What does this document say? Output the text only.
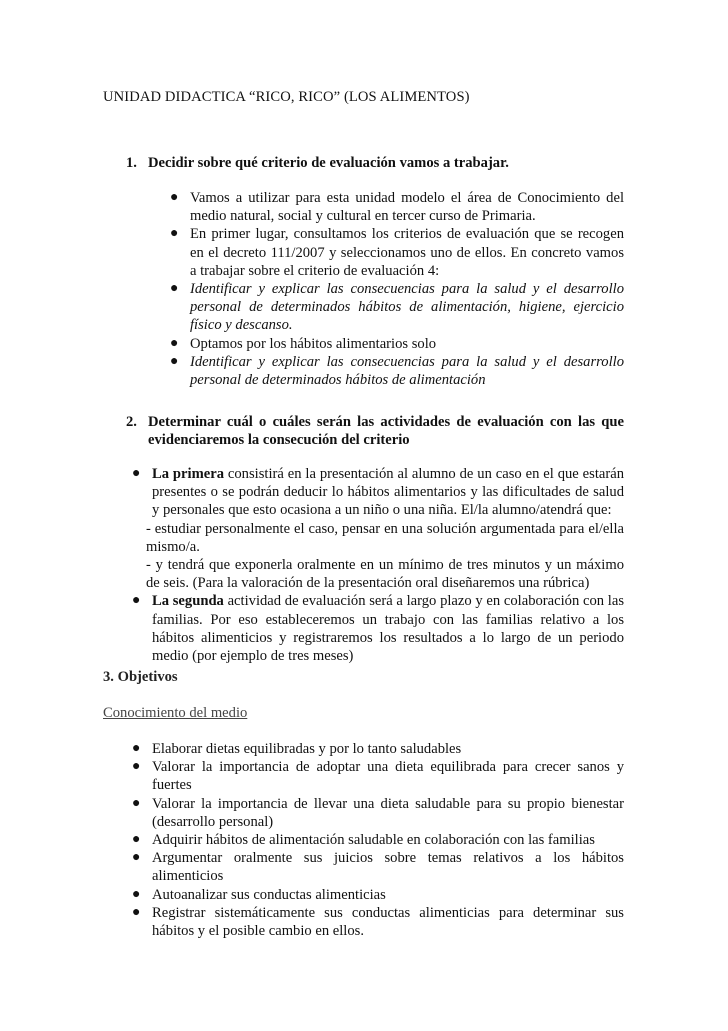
UNIDAD DIDACTICA “RICO, RICO” (LOS ALIMENTOS)
1. Decidir sobre qué criterio de evaluación vamos a trabajar.
● Vamos a utilizar para esta unidad modelo el área de Conocimiento del medio natural, social y cultural en tercer curso de Primaria.
● En primer lugar, consultamos los criterios de evaluación que se recogen en el decreto 111/2007 y seleccionamos uno de ellos. En concreto vamos a trabajar sobre el criterio de evaluación 4:
● Identificar y explicar las consecuencias para la salud y el desarrollo personal de determinados hábitos de alimentación, higiene, ejercicio físico y descanso.
● Optamos por los hábitos alimentarios solo
● Identificar y explicar las consecuencias para la salud y el desarrollo personal de determinados hábitos de alimentación
2. Determinar cuál o cuáles serán las actividades de evaluación con las que evidenciaremos la consecución del criterio
● La primera consistirá en la presentación al alumno de un caso en el que estarán presentes o se podrán deducir lo hábitos alimentarios y las dificultades de salud y personales que esto ocasiona a un niño o una niña. El/la alumno/atendrá que:

- estudiar personalmente el caso, pensar en una solución argumentada para el/ella mismo/a.

- y tendrá que exponerla oralmente en un mínimo de tres minutos y un máximo de seis. (Para la valoración de la presentación oral diseñaremos una rúbrica)

● La segunda actividad de evaluación será a largo plazo y en colaboración con las familias. Por eso estableceremos un trabajo con las familias relativo a los hábitos alimenticios y registraremos los resultados a lo largo de un periodo medio (por ejemplo de tres meses)
3. Objetivos
Conocimiento del medio
● Elaborar dietas equilibradas y por lo tanto saludables
● Valorar la importancia de adoptar una dieta equilibrada para crecer sanos y fuertes
● Valorar la importancia de llevar una dieta saludable para su propio bienestar (desarrollo personal)
● Adquirir hábitos de alimentación saludable en colaboración con las familias
● Argumentar oralmente sus juicios sobre temas relativos a los hábitos alimenticios
● Autoanalizar sus conductas alimenticias
● Registrar sistemáticamente sus conductas alimenticias para determinar sus hábitos y el posible cambio en ellos.
